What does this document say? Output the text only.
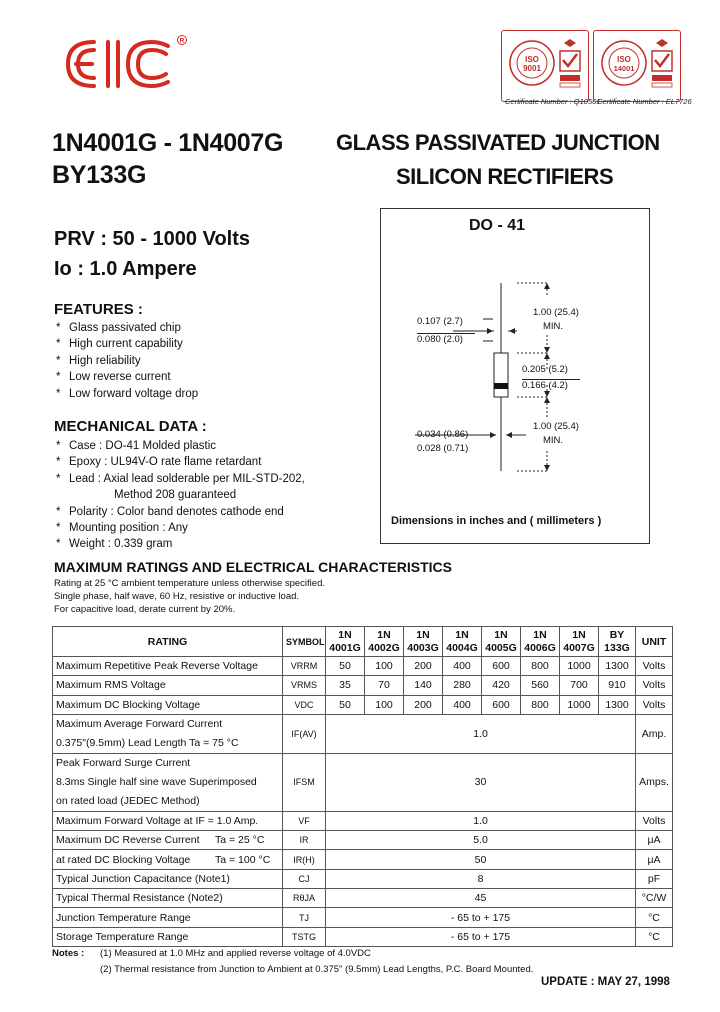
R
ISO
9001
Certificate Number : Q10561
ISO
14001
Certificate Number : EL7726
1N4001G - 1N4007G
BY133G
GLASS PASSIVATED JUNCTION
SILICON RECTIFIERS
PRV : 50 - 1000 Volts
Io : 1.0 Ampere
FEATURES :
* Glass passivated chip
* High current capability
* High reliability
* Low reverse current
* Low forward voltage drop
MECHANICAL DATA :
* Case : DO-41 Molded plastic
* Epoxy : UL94V-O rate flame retardant
* Lead : Axial lead solderable per MIL-STD-202,
Method 208 guaranteed
* Polarity : Color band denotes cathode end
* Mounting position : Any
* Weight : 0.339 gram
DO - 41
1.00 (25.4)
MIN.
0.107 (2.7)
0.080 (2.0)
0.205 (5.2)
0.166 (4.2)
1.00 (25.4)
MIN.
0.034 (0.86)
0.028 (0.71)
Dimensions in inches and ( millimeters )
MAXIMUM RATINGS AND ELECTRICAL CHARACTERISTICS
Rating at 25 °C ambient temperature unless otherwise specified.
Single phase, half wave, 60 Hz, resistive or inductive load.
For capacitive load, derate current by 20%.
RATING	SYMBOL	1N
4001G	1N
4002G	1N
4003G	1N
4004G	1N
4005G	1N
4006G	1N
4007G	BY
133G	UNIT
Maximum Repetitive Peak Reverse Voltage	VRRM	50	100	200	400	600	800	1000	1300	Volts
Maximum RMS Voltage	VRMS	35	70	140	280	420	560	700	910	Volts
Maximum DC Blocking Voltage	VDC	50	100	200	400	600	800	1000	1300	Volts

Maximum Average Forward Current
0.375"(9.5mm) Lead Length Ta = 75 °C	IF(AV)	1.0								Amp.

Peak Forward Surge Current
8.3ms Single half sine wave Superimposed
on rated load (JEDEC Method)	IFSM	30								Amps.
Maximum Forward Voltage at IF = 1.0 Amp.	VF	1.0								Volts
Maximum DC Reverse Current Ta = 25 °C	IR	5.0								μA
at rated DC Blocking Voltage Ta = 100 °C	IR(H)	50								μA
Typical Junction Capacitance (Note1)	CJ	8								pF
Typical Thermal Resistance (Note2)	RθJA	45								°C/W
Junction Temperature Range	TJ	- 65 to + 175								°C
Storage Temperature Range	TSTG	- 65 to + 175								°C
Notes : (1) Measured at 1.0 MHz and applied reverse voltage of 4.0VDC
(2) Thermal resistance from Junction to Ambient at 0.375" (9.5mm) Lead Lengths, P.C. Board Mounted.
UPDATE : MAY 27, 1998
